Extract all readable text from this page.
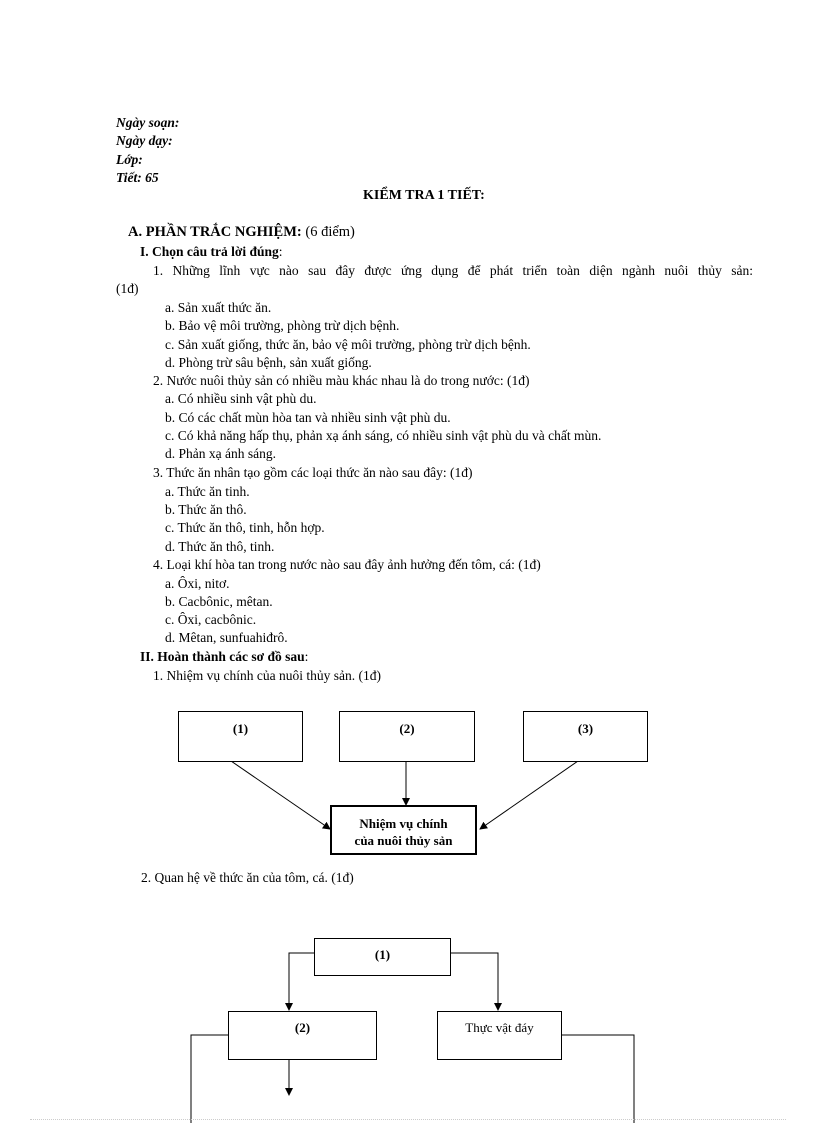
Ngày soạn:
Ngày dạy:
Lớp:
Tiết: 65
KIỂM TRA 1 TIẾT:
A. PHẦN TRẮC NGHIỆM: (6 điểm)
I. Chọn câu trả lời đúng:
1. Những lĩnh vực nào sau đây được ứng dụng để phát triển toàn diện ngành nuôi thủy sản:
(1đ)
a. Sản xuất thức ăn.
b. Bảo vệ môi trường, phòng trừ dịch bệnh.
c. Sản xuất giống, thức ăn, bảo vệ môi trường, phòng trừ dịch bệnh.
d. Phòng trừ sâu bệnh, sản xuất giống.
2. Nước nuôi thủy sản có nhiều màu khác nhau là do trong nước: (1đ)
a. Có nhiều sinh vật phù du.
b. Có các chất mùn hòa tan và nhiều sinh vật phù du.
c. Có khả năng hấp thụ, phản xạ ánh sáng, có nhiều sinh vật phù du và chất mùn.
d. Phản xạ ánh sáng.
3. Thức ăn nhân tạo gồm các loại thức ăn nào sau đây: (1đ)
a. Thức ăn tinh.
b. Thức ăn thô.
c. Thức ăn thô, tinh, hỗn hợp.
d. Thức ăn thô, tinh.
4. Loại khí hòa tan trong nước nào sau đây ảnh hưởng đến tôm, cá: (1đ)
a. Ôxi, nitơ.
b. Cacbônic, mêtan.
c. Ôxi, cacbônic.
d. Mêtan, sunfuahiđrô.
II. Hoàn thành các sơ đồ sau:
1. Nhiệm vụ chính của nuôi thủy sản. (1đ)
(1)	(2)	(3)
Nhiệm vụ chính
của nuôi thủy sản
2. Quan hệ về thức ăn của tôm, cá. (1đ)
(1)
(2)	Thực vật đáy
